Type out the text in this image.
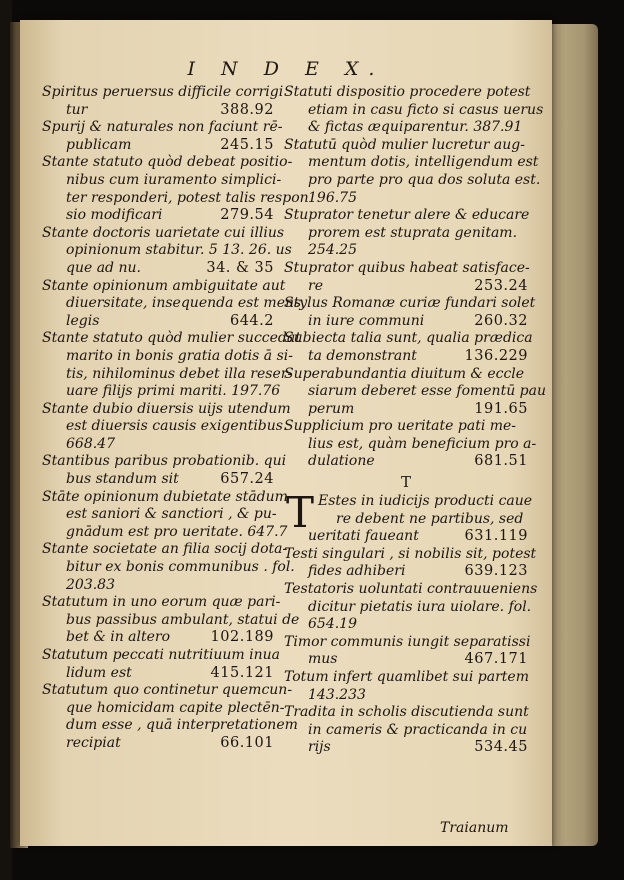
I N D E X.
Spiritus peruersus difficile corrigi
tur	388.92
Spurij & naturales non faciunt rē-
publicam	245.15
Stante statuto quòd debeat positio-
nibus cum iuramento simplici-
ter responderi, potest talis respon
sio modificari	279.54
Stante doctoris uarietate cui illius
opinionum stabitur. 5 13. 26. us
que ad nu.	34. & 35
Stante opinionum ambiguitate aut
diuersitate, insequenda est mens
legis	644.2
Stante statuto quòd mulier succedat
marito in bonis gratia dotis ā si-
tis, nihilominus debet illa reser-
uare filijs primi mariti. 197.76
Stante dubio diuersis uijs utendum
est diuersis causis exigentibus.
668.47
Stantibus paribus probationib. qui
bus standum sit	657.24
Stāte opinionum dubietate stādum
est saniori & sanctiori , & pu-
gnādum est pro ueritate. 647.7
Stante societate an filia socij dota-
bitur ex bonis communibus . fol.
203.83
Statutum in uno eorum quæ pari-
bus passibus ambulant, statui de
bet & in altero	102.189
Statutum peccati nutritiuum inua
lidum est	415.121
Statutum quo continetur quemcun-
que homicidam capite plectēn-
dum esse , quā interpretationem
recipiat	66.101
Statuti dispositio procedere potest
etiam in casu ficto si casus uerus
& fictas æquiparentur. 387.91
Statutū quòd mulier lucretur aug-
mentum dotis, intelligendum est
pro parte pro qua dos soluta est.
196.75
Stuprator tenetur alere & educare
prorem est stuprata genitam.
254.25
Stuprator quibus habeat satisface-
re	253.24
Stylus Romanæ curiæ fundari solet
in iure communi	260.32
Subiecta talia sunt, qualia prædica
ta demonstrant	136.229
Superabundantia diuitum & eccle
siarum deberet esse fomentū pau
perum	191.65
Supplicium pro ueritate pati me-
lius est, quàm beneficium pro a-
dulatione	681.51
T
T Estes in iudicijs producti caue
re debent ne partibus, sed
ueritati faueant	631.119
Testi singulari , si nobilis sit, potest
fides adhiberi	639.123
Testatoris uoluntati contrauueniens
dicitur pietatis iura uiolare. fol.
654.19
Timor communis iungit separatissi
mus	467.171
Totum infert quamlibet sui partem
143.233
Tradita in scholis discutienda sunt
in cameris & practicanda in cu
rijs	534.45
Traianum
